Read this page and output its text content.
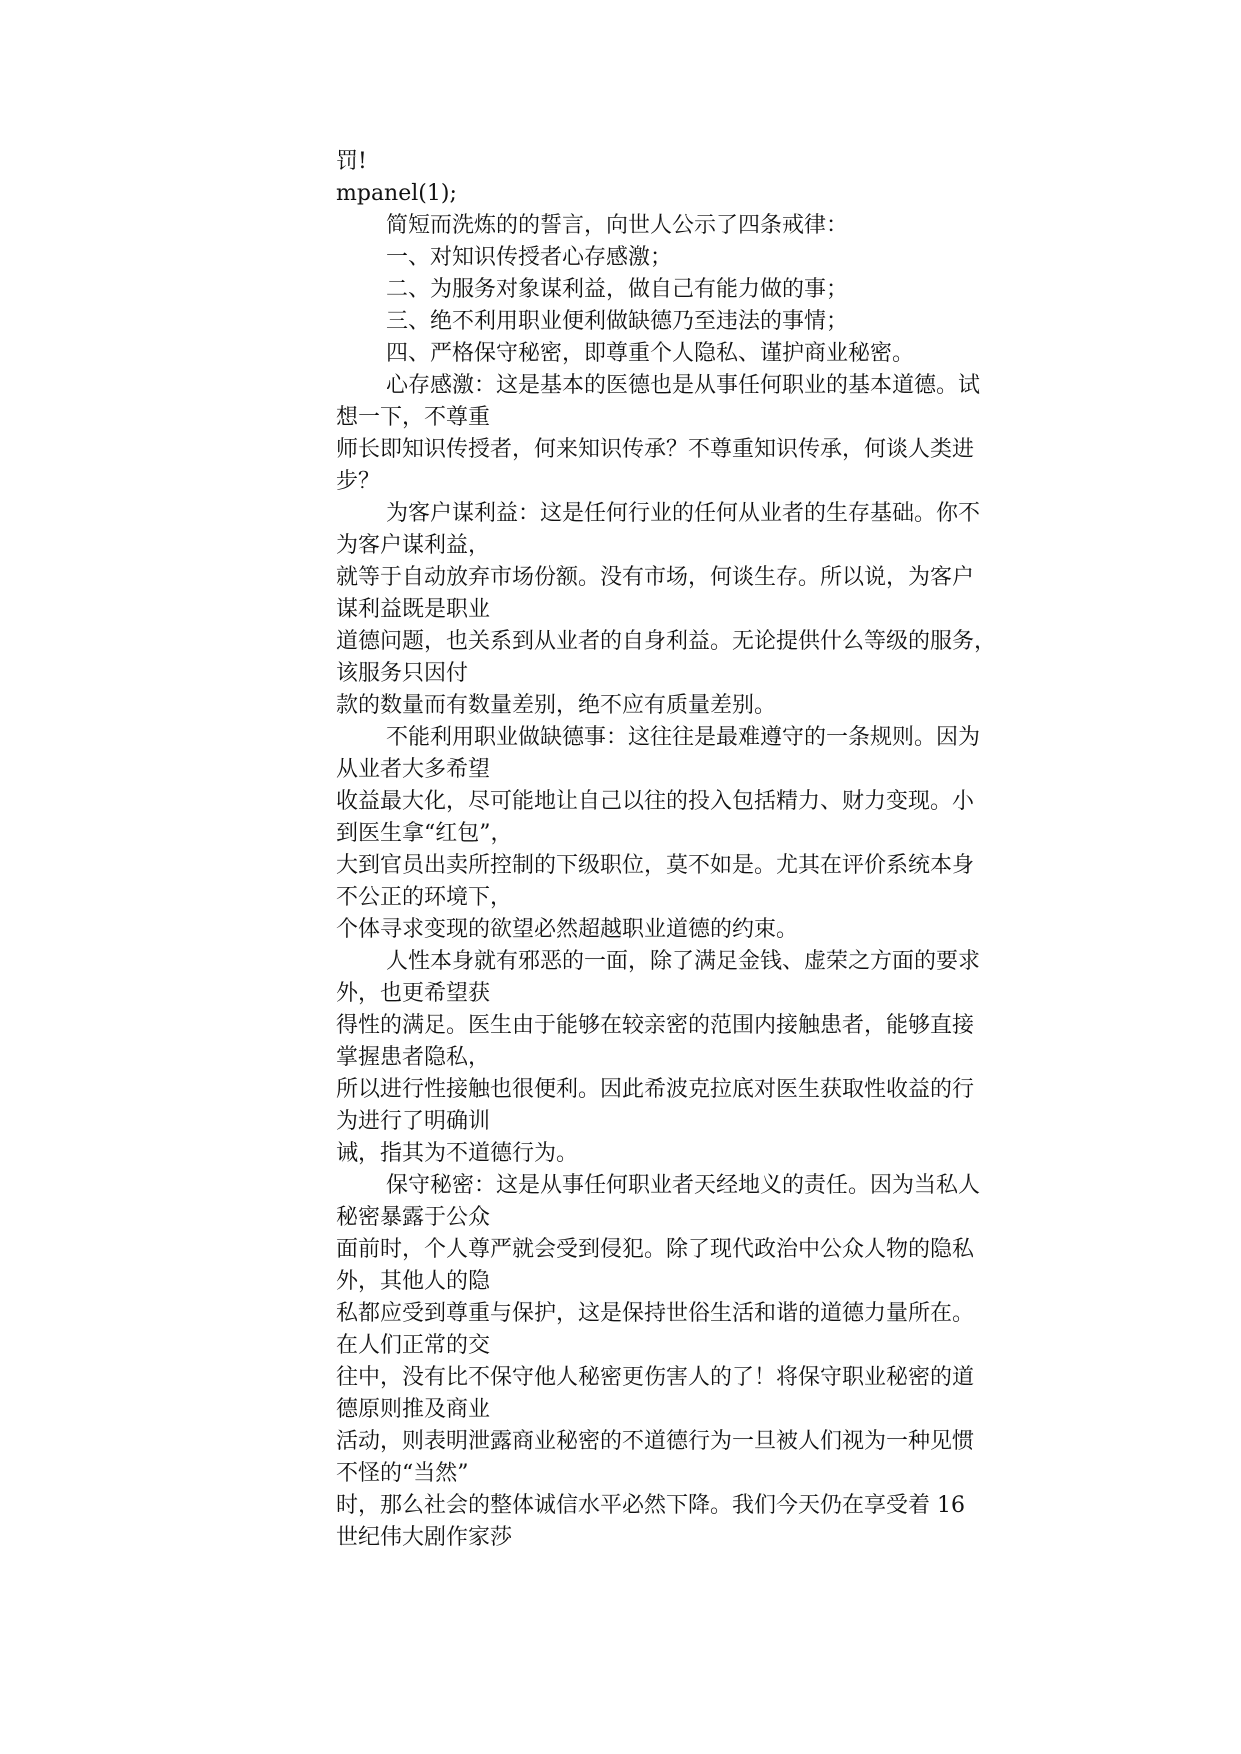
罚!
mpanel(1);
简短而洗炼的的誓言，向世人公示了四条戒律：
一、对知识传授者心存感激；
二、为服务对象谋利益，做自己有能力做的事；
三、绝不利用职业便利做缺德乃至违法的事情；
四、严格保守秘密，即尊重个人隐私、谨护商业秘密。
心存感激：这是基本的医德也是从事任何职业的基本道德。试
想一下，不尊重
师长即知识传授者，何来知识传承？不尊重知识传承，何谈人类进
步？
为客户谋利益：这是任何行业的任何从业者的生存基础。你不
为客户谋利益，
就等于自动放弃市场份额。没有市场，何谈生存。所以说，为客户
谋利益既是职业
道德问题，也关系到从业者的自身利益。无论提供什么等级的服务，
该服务只因付
款的数量而有数量差别，绝不应有质量差别。
不能利用职业做缺德事：这往往是最难遵守的一条规则。因为
从业者大多希望
收益最大化，尽可能地让自己以往的投入包括精力、财力变现。小
到医生拿“红包”，
大到官员出卖所控制的下级职位，莫不如是。尤其在评价系统本身
不公正的环境下，
个体寻求变现的欲望必然超越职业道德的约束。
人性本身就有邪恶的一面，除了满足金钱、虚荣之方面的要求
外，也更希望获
得性的满足。医生由于能够在较亲密的范围内接触患者，能够直接
掌握患者隐私，
所以进行性接触也很便利。因此希波克拉底对医生获取性收益的行
为进行了明确训
诫，指其为不道德行为。
保守秘密：这是从事任何职业者天经地义的责任。因为当私人
秘密暴露于公众
面前时，个人尊严就会受到侵犯。除了现代政治中公众人物的隐私
外，其他人的隐
私都应受到尊重与保护，这是保持世俗生活和谐的道德力量所在。
在人们正常的交
往中，没有比不保守他人秘密更伤害人的了！将保守职业秘密的道
德原则推及商业
活动，则表明泄露商业秘密的不道德行为一旦被人们视为一种见惯
不怪的“当然”
时，那么社会的整体诚信水平必然下降。我们今天仍在享受着 16
世纪伟大剧作家莎
